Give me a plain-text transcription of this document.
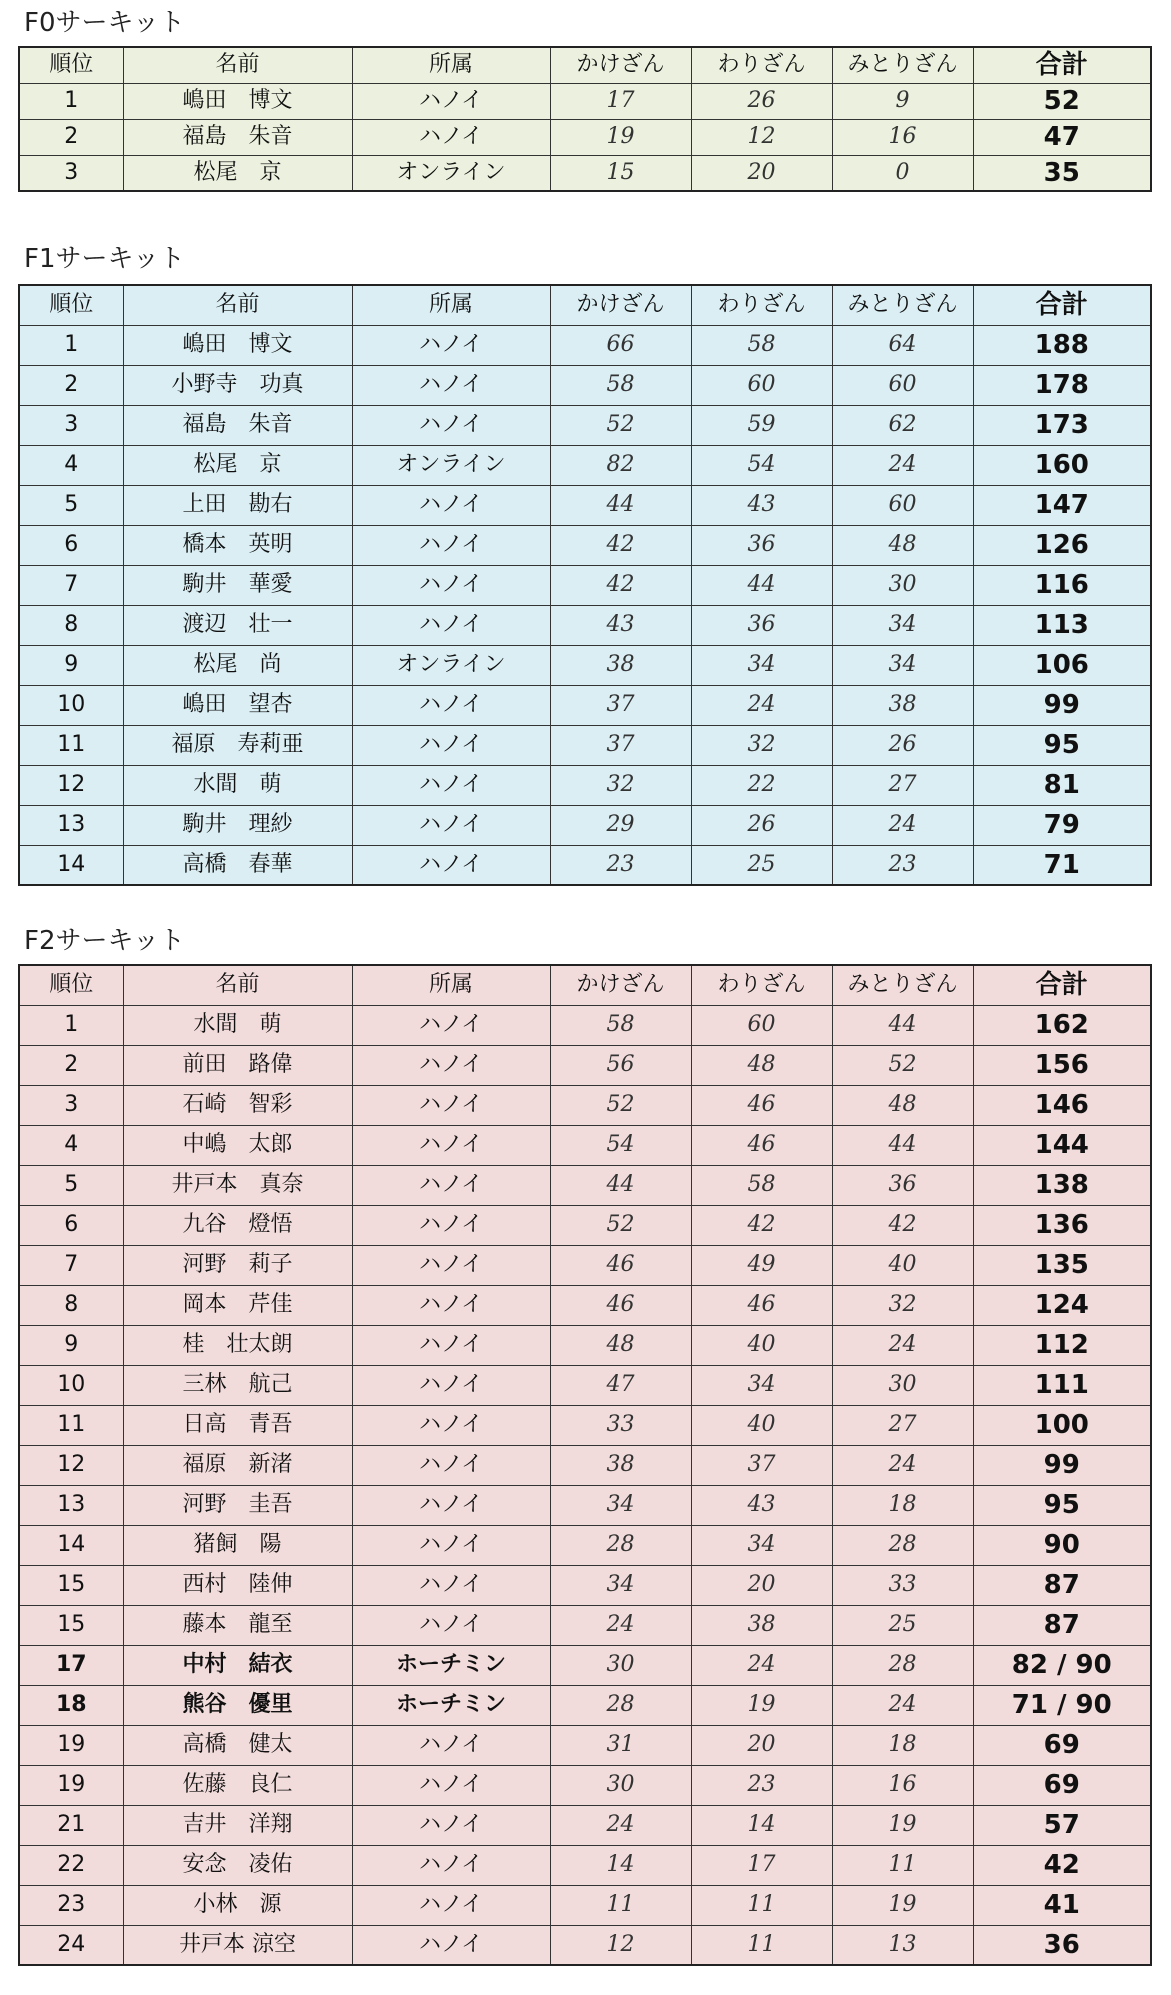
F0サーキット
順位	名前	所属	かけざん	わりざん	みとりざん	合計
1	嶋田　博文	ハノイ	17	26	9	52
2	福島　朱音	ハノイ	19	12	16	47
3	松尾　京	オンライン	15	20	0	35
F1サーキット
順位	名前	所属	かけざん	わりざん	みとりざん	合計
1	嶋田　博文	ハノイ	66	58	64	188
2	小野寺　功真	ハノイ	58	60	60	178
3	福島　朱音	ハノイ	52	59	62	173
4	松尾　京	オンライン	82	54	24	160
5	上田　勘右	ハノイ	44	43	60	147
6	橋本　英明	ハノイ	42	36	48	126
7	駒井　華愛	ハノイ	42	44	30	116
8	渡辺　壮一	ハノイ	43	36	34	113
9	松尾　尚	オンライン	38	34	34	106
10	嶋田　望杏	ハノイ	37	24	38	99
11	福原　寿莉亜	ハノイ	37	32	26	95
12	水間　萌	ハノイ	32	22	27	81
13	駒井　理紗	ハノイ	29	26	24	79
14	高橋　春華	ハノイ	23	25	23	71
F2サーキット
順位	名前	所属	かけざん	わりざん	みとりざん	合計
1	水間　萌	ハノイ	58	60	44	162
2	前田　路偉	ハノイ	56	48	52	156
3	石崎　智彩	ハノイ	52	46	48	146
4	中嶋　太郎	ハノイ	54	46	44	144
5	井戸本　真奈	ハノイ	44	58	36	138
6	九谷　燈悟	ハノイ	52	42	42	136
7	河野　莉子	ハノイ	46	49	40	135
8	岡本　芹佳	ハノイ	46	46	32	124
9	桂　壮太朗	ハノイ	48	40	24	112
10	三林　航己	ハノイ	47	34	30	111
11	日高　青吾	ハノイ	33	40	27	100
12	福原　新渚	ハノイ	38	37	24	99
13	河野　圭吾	ハノイ	34	43	18	95
14	猪飼　陽	ハノイ	28	34	28	90
15	西村　陸伸	ハノイ	34	20	33	87
15	藤本　龍至	ハノイ	24	38	25	87
17	中村　結衣	ホーチミン	30	24	28	82 / 90
18	熊谷　優里	ホーチミン	28	19	24	71 / 90
19	高橋　健太	ハノイ	31	20	18	69
19	佐藤　良仁	ハノイ	30	23	16	69
21	吉井　洋翔	ハノイ	24	14	19	57
22	安念　凌佑	ハノイ	14	17	11	42
23	小林　源	ハノイ	11	11	19	41
24	井戸本 涼空	ハノイ	12	11	13	36
